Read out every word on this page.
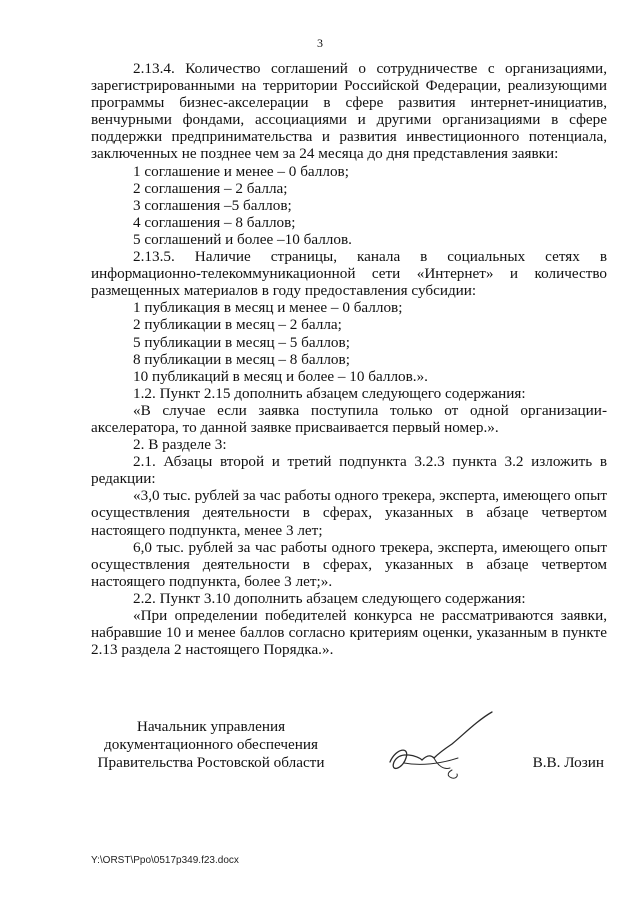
3

2.13.4. Количество соглашений о сотрудничестве с организациями, зарегистрированными на территории Российской Федерации, реализующими программы бизнес-акселерации в сфере развития интернет-инициатив, венчурными фондами, ассоциациями и другими организациями в сфере поддержки предпринимательства и развития инвестиционного потенциала, заключенных не позднее чем за 24 месяца до дня представления заявки:

1 соглашение и менее – 0 баллов;

2 соглашения – 2 балла;

3 соглашения –5 баллов;

4 соглашения – 8 баллов;

5 соглашений и более –10 баллов.

2.13.5. Наличие страницы, канала в социальных сетях в информационно-телекоммуникационной сети «Интернет» и количество размещенных материалов в году предоставления субсидии:

1 публикация в месяц и менее – 0 баллов;

2 публикации в месяц – 2 балла;

5 публикации в месяц – 5 баллов;

8 публикации в месяц – 8 баллов;

10 публикаций в месяц и более – 10 баллов.».

1.2. Пункт 2.15 дополнить абзацем следующего содержания:

«В случае если заявка поступила только от одной организации-акселератора, то данной заявке присваивается первый номер.».

2. В разделе 3:

2.1. Абзацы второй и третий подпункта 3.2.3 пункта 3.2 изложить в редакции:

«3,0 тыс. рублей за час работы одного трекера, эксперта, имеющего опыт осуществления деятельности в сферах, указанных в абзаце четвертом настоящего подпункта, менее 3 лет;

6,0 тыс. рублей за час работы одного трекера, эксперта, имеющего опыт осуществления деятельности в сферах, указанных в абзаце четвертом настоящего подпункта, более 3 лет;».

2.2. Пункт 3.10 дополнить абзацем следующего содержания:

«При определении победителей конкурса не рассматриваются заявки, набравшие 10 и менее баллов согласно критериям оценки, указанным в пункте 2.13 раздела 2 настоящего Порядка.».

Начальник управления
документационного обеспечения
Правительства Ростовской области	В.В. Лозин
Y:\ORST\Ppo\0517p349.f23.docx
